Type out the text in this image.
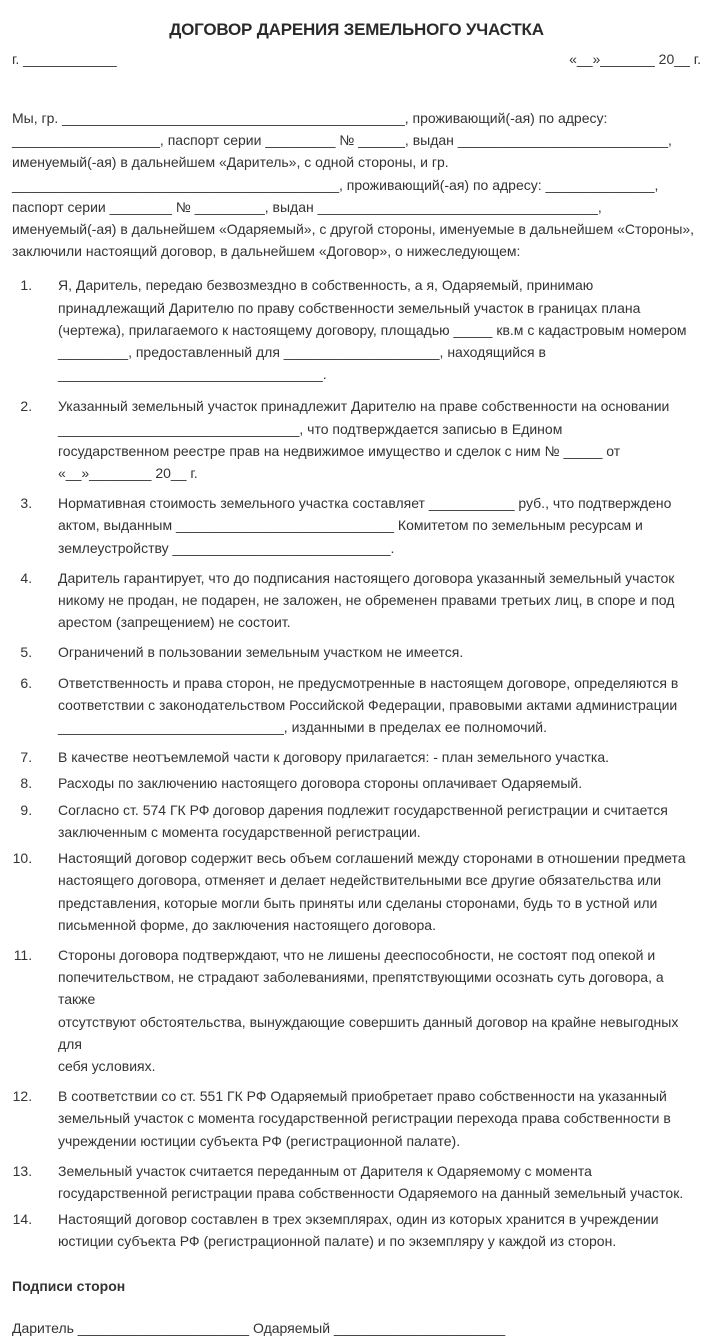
ДОГОВОР ДАРЕНИЯ ЗЕМЕЛЬНОГО УЧАСТКА
г. ____________	«__»_______ 20__ г.

Мы, гр. ____________________________________________, проживающий(-ая) по адресу:

___________________, паспорт серии _________ № ______, выдан ___________________________,

именуемый(-ая) в дальнейшем «Даритель», с одной стороны, и гр.

__________________________________________, проживающий(-ая) по адресу: ______________,

паспорт серии ________ № _________, выдан ____________________________________,

именуемый(-ая) в дальнейшем «Одаряемый», с другой стороны, именуемые в дальнейшем «Стороны»,

заключили настоящий договор, в дальнейшем «Договор», о нижеследующем:

1. Я, Даритель, передаю безвозмездно в собственность, а я, Одаряемый, принимаю

принадлежащий Дарителю по праву собственности земельный участок в границах плана

(чертежа), прилагаемого к настоящему договору, площадью _____ кв.м с кадастровым номером

_________, предоставленный для ____________________, находящийся в

__________________________________.

2. Указанный земельный участок принадлежит Дарителю на праве собственности на основании

_______________________________, что подтверждается записью в Едином

государственном реестре прав на недвижимое имущество и сделок с ним № _____ от

«__»________ 20__ г.

3. Нормативная стоимость земельного участка составляет ___________ руб., что подтверждено

актом, выданным ____________________________ Комитетом по земельным ресурсам и

землеустройству ____________________________.

4. Даритель гарантирует, что до подписания настоящего договора указанный земельный участок

никому не продан, не подарен, не заложен, не обременен правами третьих лиц, в споре и под

арестом (запрещением) не состоит.

5. Ограничений в пользовании земельным участком не имеется.

6. Ответственность и права сторон, не предусмотренные в настоящем договоре, определяются в

соответствии с законодательством Российской Федерации, правовыми актами администрации

_____________________________, изданными в пределах ее полномочий.

7. В качестве неотъемлемой части к договору прилагается: - план земельного участка.

8. Расходы по заключению настоящего договора стороны оплачивает Одаряемый.

9. Согласно ст. 574 ГК РФ договор дарения подлежит государственной регистрации и считается

заключенным с момента государственной регистрации.

10. Настоящий договор содержит весь объем соглашений между сторонами в отношении предмета

настоящего договора, отменяет и делает недействительными все другие обязательства или

представления, которые могли быть приняты или сделаны сторонами, будь то в устной или

письменной форме, до заключения настоящего договора.

11. Стороны договора подтверждают, что не лишены дееспособности, не состоят под опекой и

попечительством, не страдают заболеваниями, препятствующими осознать суть договора, а также

отсутствуют обстоятельства, вынуждающие совершить данный договор на крайне невыгодных для

себя условиях.

12. В соответствии со ст. 551 ГК РФ Одаряемый приобретает право собственности на указанный

земельный участок с момента государственной регистрации перехода права собственности в

учреждении юстиции субъекта РФ (регистрационной палате).

13. Земельный участок считается переданным от Дарителя к Одаряемому с момента

государственной регистрации права собственности Одаряемого на данный земельный участок.

14. Настоящий договор составлен в трех экземплярах, один из которых хранится в учреждении

юстиции субъекта РФ (регистрационной палате) и по экземпляру у каждой из сторон.

Подписи сторон
Даритель ______________________ Одаряемый ______________________
